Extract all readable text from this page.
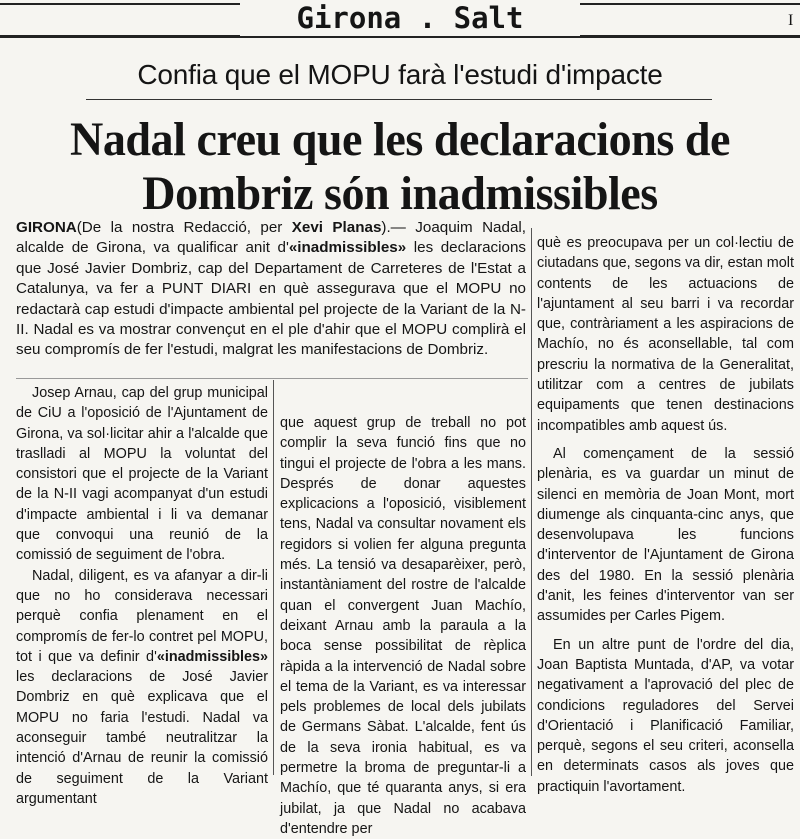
Girona . Salt	I
Confia que el MOPU farà l'estudi d'impacte
Nadal creu que les declaracions de
Dombriz són inadmissibles

GIRONA(De la nostra Redacció, per Xevi Planas).— Joaquim Nadal, alcalde de Girona, va qualificar anit d'«inadmissibles» les declaracions que José Javier Dombriz, cap del Departament de Carreteres de l'Estat a Catalunya, va fer a PUNT DIARI en què assegurava que el MOPU no redactarà cap estudi d'impacte ambiental pel projecte de la Variant de la N-II. Nadal es va mostrar convençut en el ple d'ahir que el MOPU complirà el seu compromís de fer l'estudi, malgrat les manifestacions de Dombriz.

Josep Arnau, cap del grup municipal de CiU a l'oposició de l'Ajuntament de Girona, va sol·licitar ahir a l'alcalde que traslladi al MOPU la voluntat del consistori que el projecte de la Variant de la N-II vagi acompanyat d'un estudi d'impacte ambiental i li va demanar que convoqui una reunió de la comissió de seguiment de l'obra.

Nadal, diligent, es va afanyar a dir-li que no ho considerava necessari perquè confia plenament en el compromís de fer-lo contret pel MOPU, tot i que va definir d'«inadmissibles» les declaracions de José Javier Dombriz en què explicava que el MOPU no faria l'estudi. Nadal va aconseguir també neutralitzar la intenció d'Arnau de reunir la comissió de seguiment de la Variant argumentant

que aquest grup de treball no pot complir la seva funció fins que no tingui el projecte de l'obra a les mans. Després de donar aquestes explicacions a l'oposició, visiblement tens, Nadal va consultar novament els regidors si volien fer alguna pregunta més. La tensió va desaparèixer, però, instantàniament del rostre de l'alcalde quan el convergent Juan Machío, deixant Arnau amb la paraula a la boca sense possibilitat de rèplica ràpida a la intervenció de Nadal sobre el tema de la Variant, es va interessar pels problemes de local dels jubilats de Germans Sàbat. L'alcalde, fent ús de la seva ironia habitual, es va permetre la broma de preguntar-li a Machío, que té quaranta anys, si era jubilat, ja que Nadal no acabava d'entendre per

què es preocupava per un col·lectiu de ciutadans que, segons va dir, estan molt contents de les actuacions de l'ajuntament al seu barri i va recordar que, contràriament a les aspiracions de Machío, no és aconsellable, tal com prescriu la normativa de la Generalitat, utilitzar com a centres de jubilats equipaments que tenen destinacions incompatibles amb aquest ús.

Al començament de la sessió plenària, es va guardar un minut de silenci en memòria de Joan Mont, mort diumenge als cinquanta-cinc anys, que desenvolupava les funcions d'interventor de l'Ajuntament de Girona des del 1980. En la sessió plenària d'anit, les feines d'interventor van ser assumides per Carles Pigem.

En un altre punt de l'ordre del dia, Joan Baptista Muntada, d'AP, va votar negativament a l'aprovació del plec de condicions reguladores del Servei d'Orientació i Planificació Familiar, perquè, segons el seu criteri, aconsella en determinats casos als joves que practiquin l'avortament.
